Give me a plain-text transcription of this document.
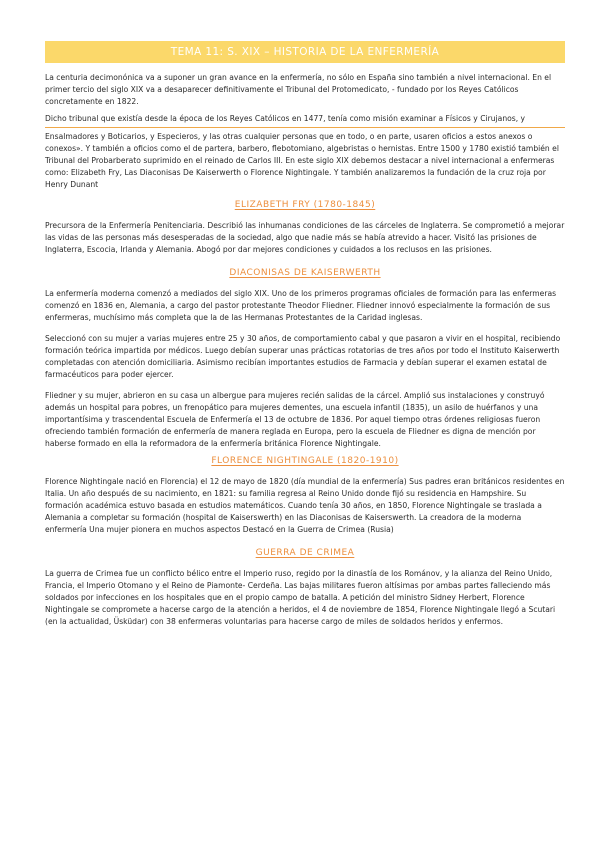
TEMA 11: S. XIX – HISTORIA DE LA ENFERMERÍA

La centuria decimonónica va a suponer un gran avance en la enfermería, no sólo en España sino también a nivel internacional. En el primer tercio del siglo XIX va a desaparecer definitivamente el Tribunal del Protomedicato, - fundado por los Reyes Católicos concretamente en 1822.

Dicho tribunal que existía desde la época de los Reyes Católicos en 1477, tenía como misión examinar a Físicos y Cirujanos, y

Ensalmadores y Boticarios, y Especieros, y las otras cualquier personas que en todo, o en parte, usaren oficios a estos anexos o conexos». Y también a oficios como el de partera, barbero, flebotomiano, algebristas o hernistas. Entre 1500 y 1780 existió también el Tribunal del Probarberato suprimido en el reinado de Carlos III. En este siglo XIX debemos destacar a nivel internacional a enfermeras como: Elizabeth Fry, Las Diaconisas De Kaiserwerth o Florence Nightingale. Y también analizaremos la fundación de la cruz roja por Henry Dunant

ELIZABETH FRY (1780-1845)

Precursora de la Enfermería Penitenciaria. Describió las inhumanas condiciones de las cárceles de Inglaterra. Se comprometió a mejorar las vidas de las personas más desesperadas de la sociedad, algo que nadie más se había atrevido a hacer. Visitó las prisiones de Inglaterra, Escocia, Irlanda y Alemania. Abogó por dar mejores condiciones y cuidados a los reclusos en las prisiones.

DIACONISAS DE KAISERWERTH

La enfermería moderna comenzó a mediados del siglo XIX. Uno de los primeros programas oficiales de formación para las enfermeras comenzó en 1836 en, Alemania, a cargo del pastor protestante Theodor Fliedner. Fliedner innovó especialmente la formación de sus enfermeras, muchísimo más completa que la de las Hermanas Protestantes de la Caridad inglesas.

Seleccionó con su mujer a varias mujeres entre 25 y 30 años, de comportamiento cabal y que pasaron a vivir en el hospital, recibiendo formación teórica impartida por médicos. Luego debían superar unas prácticas rotatorias de tres años por todo el Instituto Kaiserwerth completadas con atención domiciliaria. Asimismo recibían importantes estudios de Farmacia y debían superar el examen estatal de farmacéuticos para poder ejercer.

Fliedner y su mujer, abrieron en su casa un albergue para mujeres recién salidas de la cárcel. Amplió sus instalaciones y construyó además un hospital para pobres, un frenopático para mujeres dementes, una escuela infantil (1835), un asilo de huérfanos y una importantísima y trascendental Escuela de Enfermería el 13 de octubre de 1836. Por aquel tiempo otras órdenes religiosas fueron ofreciendo también formación de enfermería de manera reglada en Europa, pero la escuela de Fliedner es digna de mención por haberse formado en ella la reformadora de la enfermería británica Florence Nightingale.

FLORENCE NIGHTINGALE (1820-1910)

Florence Nightingale nació en Florencia) el 12 de mayo de 1820 (día mundial de la enfermería) Sus padres eran británicos residentes en Italia. Un año después de su nacimiento, en 1821: su familia regresa al Reino Unido donde fijó su residencia en Hampshire. Su formación académica estuvo basada en estudios matemáticos. Cuando tenía 30 años, en 1850, Florence Nightingale se traslada a Alemania a completar su formación (hospital de Kaiserswerth) en las Diaconisas de Kaiserswerth. La creadora de la moderna enfermería Una mujer pionera en muchos aspectos Destacó en la Guerra de Crimea (Rusia)

GUERRA DE CRIMEA

La guerra de Crimea fue un conflicto bélico entre el Imperio ruso, regido por la dinastía de los Románov, y la alianza del Reino Unido, Francia, el Imperio Otomano y el Reino de Piamonte- Cerdeña. Las bajas militares fueron altísimas por ambas partes falleciendo más soldados por infecciones en los hospitales que en el propio campo de batalla. A petición del ministro Sidney Herbert, Florence Nightingale se compromete a hacerse cargo de la atención a heridos, el 4 de noviembre de 1854, Florence Nightingale llegó a Scutari (en la actualidad, Üsküdar) con 38 enfermeras voluntarias para hacerse cargo de miles de soldados heridos y enfermos.
